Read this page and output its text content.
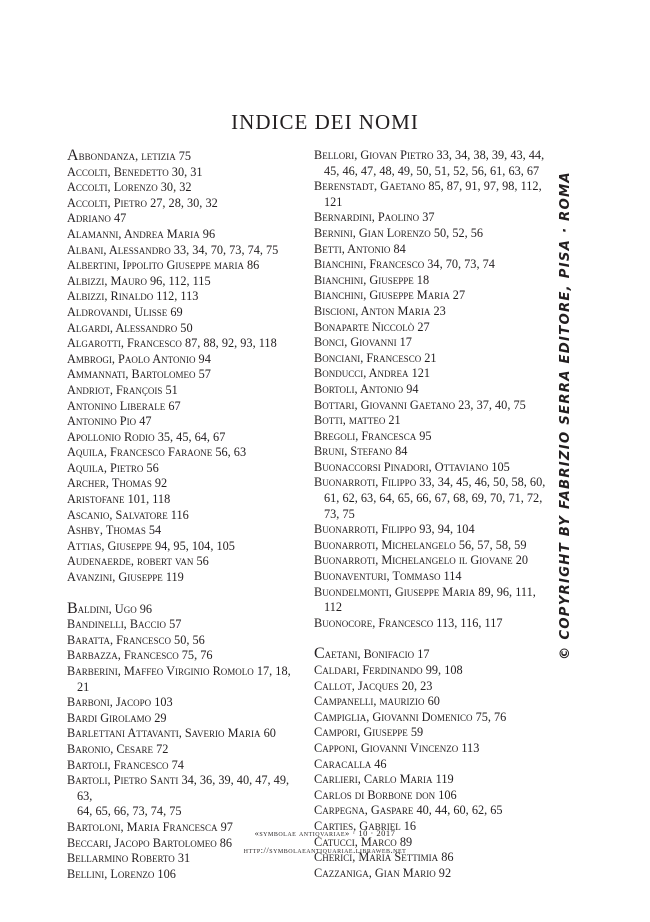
INDICE DEI NOMI
Abbondanza, letizia 75
Accolti, Benedetto 30, 31
Accolti, Lorenzo 30, 32
Accolti, Pietro 27, 28, 30, 32
Adriano 47
Alamanni, Andrea Maria 96
Albani, Alessandro 33, 34, 70, 73, 74, 75
Albertini, Ippolito Giuseppe maria 86
Albizzi, Mauro 96, 112, 115
Albizzi, Rinaldo 112, 113
Aldrovandi, Ulisse 69
Algardi, Alessandro 50
Algarotti, Francesco 87, 88, 92, 93, 118
Ambrogi, Paolo Antonio 94
Ammannati, Bartolomeo 57
Andriot, François 51
Antonino Liberale 67
Antonino Pio 47
Apollonio Rodio 35, 45, 64, 67
Aquila, Francesco Faraone 56, 63
Aquila, Pietro 56
Archer, Thomas 92
Aristofane 101, 118
Ascanio, Salvatore 116
Ashby, Thomas 54
Attias, Giuseppe 94, 95, 104, 105
Audenaerde, robert van 56
Avanzini, Giuseppe 119
Baldini, Ugo 96
Bandinelli, Baccio 57
Baratta, Francesco 50, 56
Barbazza, Francesco 75, 76
Barberini, Maffeo Virginio Romolo 17, 18,
21
Barboni, Jacopo 103
Bardi Girolamo 29
Barlettani Attavanti, Saverio Maria 60
Baronio, Cesare 72
Bartoli, Francesco 74
Bartoli, Pietro Santi 34, 36, 39, 40, 47, 49, 63,
64, 65, 66, 73, 74, 75
Bartoloni, Maria Francesca 97
Beccari, Jacopo Bartolomeo 86
Bellarmino Roberto 31
Bellini, Lorenzo 106
Bellori, Giovan Pietro 33, 34, 38, 39, 43, 44,
45, 46, 47, 48, 49, 50, 51, 52, 56, 61, 63, 67
Berenstadt, Gaetano 85, 87, 91, 97, 98, 112,
121
Bernardini, Paolino 37
Bernini, Gian Lorenzo 50, 52, 56
Betti, Antonio 84
Bianchini, Francesco 34, 70, 73, 74
Bianchini, Giuseppe 18
Bianchini, Giuseppe Maria 27
Biscioni, Anton Maria 23
Bonaparte Niccolò 27
Bonci, Giovanni 17
Bonciani, Francesco 21
Bonducci, Andrea 121
Bortoli, Antonio 94
Bottari, Giovanni Gaetano 23, 37, 40, 75
Botti, matteo 21
Bregoli, Francesca 95
Bruni, Stefano 84
Buonaccorsi Pinadori, Ottaviano 105
Buonarroti, Filippo 33, 34, 45, 46, 50, 58, 60,
61, 62, 63, 64, 65, 66, 67, 68, 69, 70, 71, 72,
73, 75
Buonarroti, Filippo 93, 94, 104
Buonarroti, Michelangelo 56, 57, 58, 59
Buonarroti, Michelangelo il Giovane 20
Buonaventuri, Tommaso 114
Buondelmonti, Giuseppe Maria 89, 96, 111,
112
Buonocore, Francesco 113, 116, 117
Caetani, Bonifacio 17
Caldari, Ferdinando 99, 108
Callot, Jacques 20, 23
Campanelli, maurizio 60
Campiglia, Giovanni Domenico 75, 76
Campori, Giuseppe 59
Capponi, Giovanni Vincenzo 113
Caracalla 46
Carlieri, Carlo Maria 119
Carlos di Borbone don 106
Carpegna, Gaspare 40, 44, 60, 62, 65
Carties, Gabriel 16
Catucci, Marco 89
Cherici, Maria Settimia 86
Cazzaniga, Gian Mario 92
«symbolae antiqvariae» · 10 · 2017
http://symbolaeantiquariae.libraweb.net
© COPYRIGHT BY FABRIZIO SERRA EDITORE, PISA · ROMA
